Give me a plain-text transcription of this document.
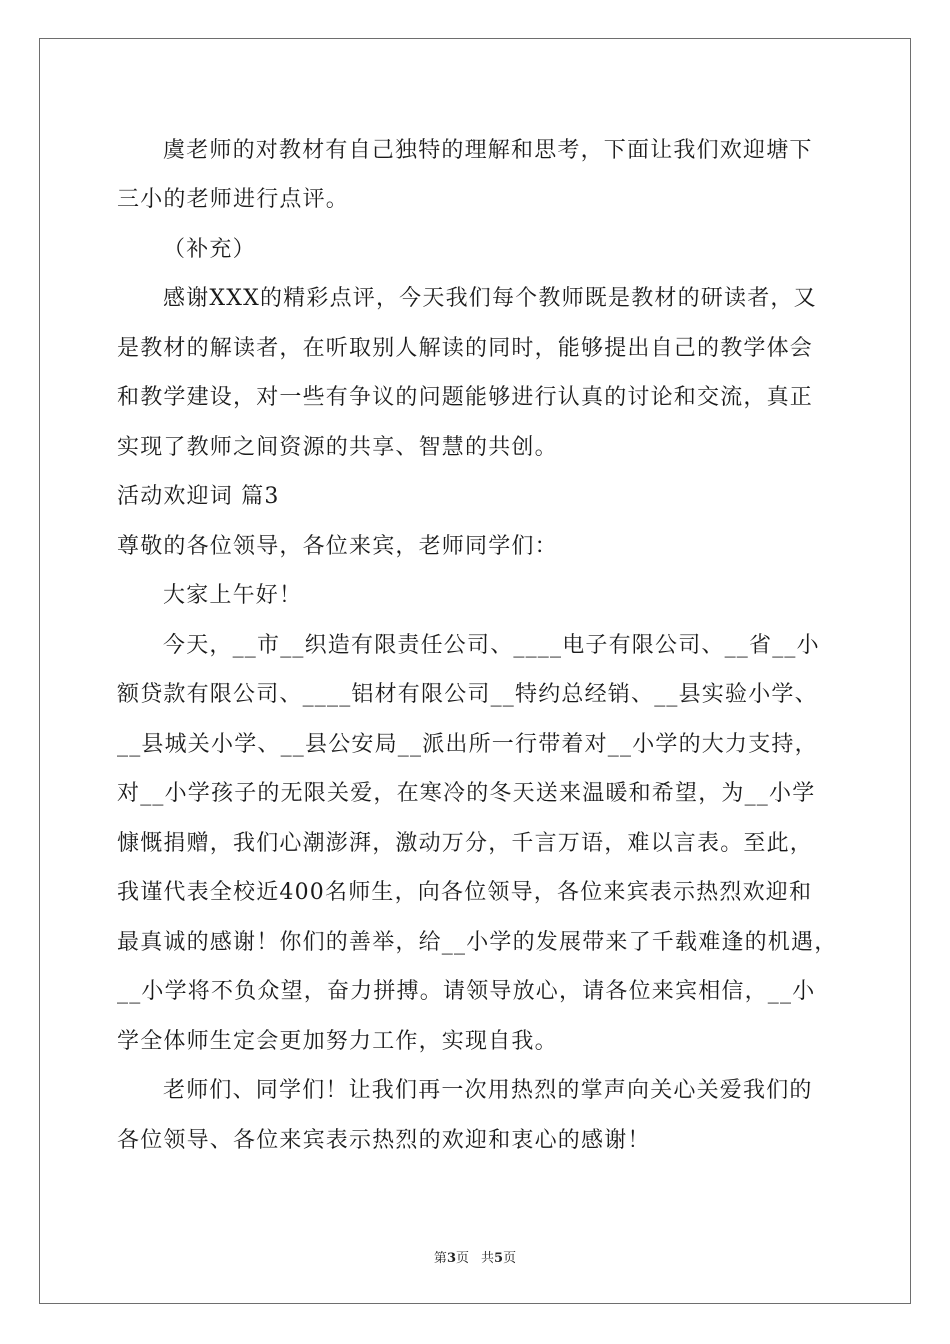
虞老师的对教材有自己独特的理解和思考，下面让我们欢迎塘下
三小的老师进行点评。
（补充）
感谢XXX的精彩点评，今天我们每个教师既是教材的研读者，又
是教材的解读者，在听取别人解读的同时，能够提出自己的教学体会
和教学建设，对一些有争议的问题能够进行认真的讨论和交流，真正
实现了教师之间资源的共享、智慧的共创。
活动欢迎词 篇3
尊敬的各位领导，各位来宾，老师同学们：
大家上午好！
今天，__市__织造有限责任公司、____电子有限公司、__省__小
额贷款有限公司、____铝材有限公司__特约总经销、__县实验小学、
__县城关小学、__县公安局__派出所一行带着对__小学的大力支持，
对__小学孩子的无限关爱，在寒冷的冬天送来温暖和希望，为__小学
慷慨捐赠，我们心潮澎湃，激动万分，千言万语，难以言表。至此，
我谨代表全校近400名师生，向各位领导，各位来宾表示热烈欢迎和
最真诚的感谢！你们的善举，给__小学的发展带来了千载难逢的机遇，
__小学将不负众望，奋力拼搏。请领导放心，请各位来宾相信，__小
学全体师生定会更加努力工作，实现自我。
老师们、同学们！让我们再一次用热烈的掌声向关心关爱我们的
各位领导、各位来宾表示热烈的欢迎和衷心的感谢！
第3页 共5页
